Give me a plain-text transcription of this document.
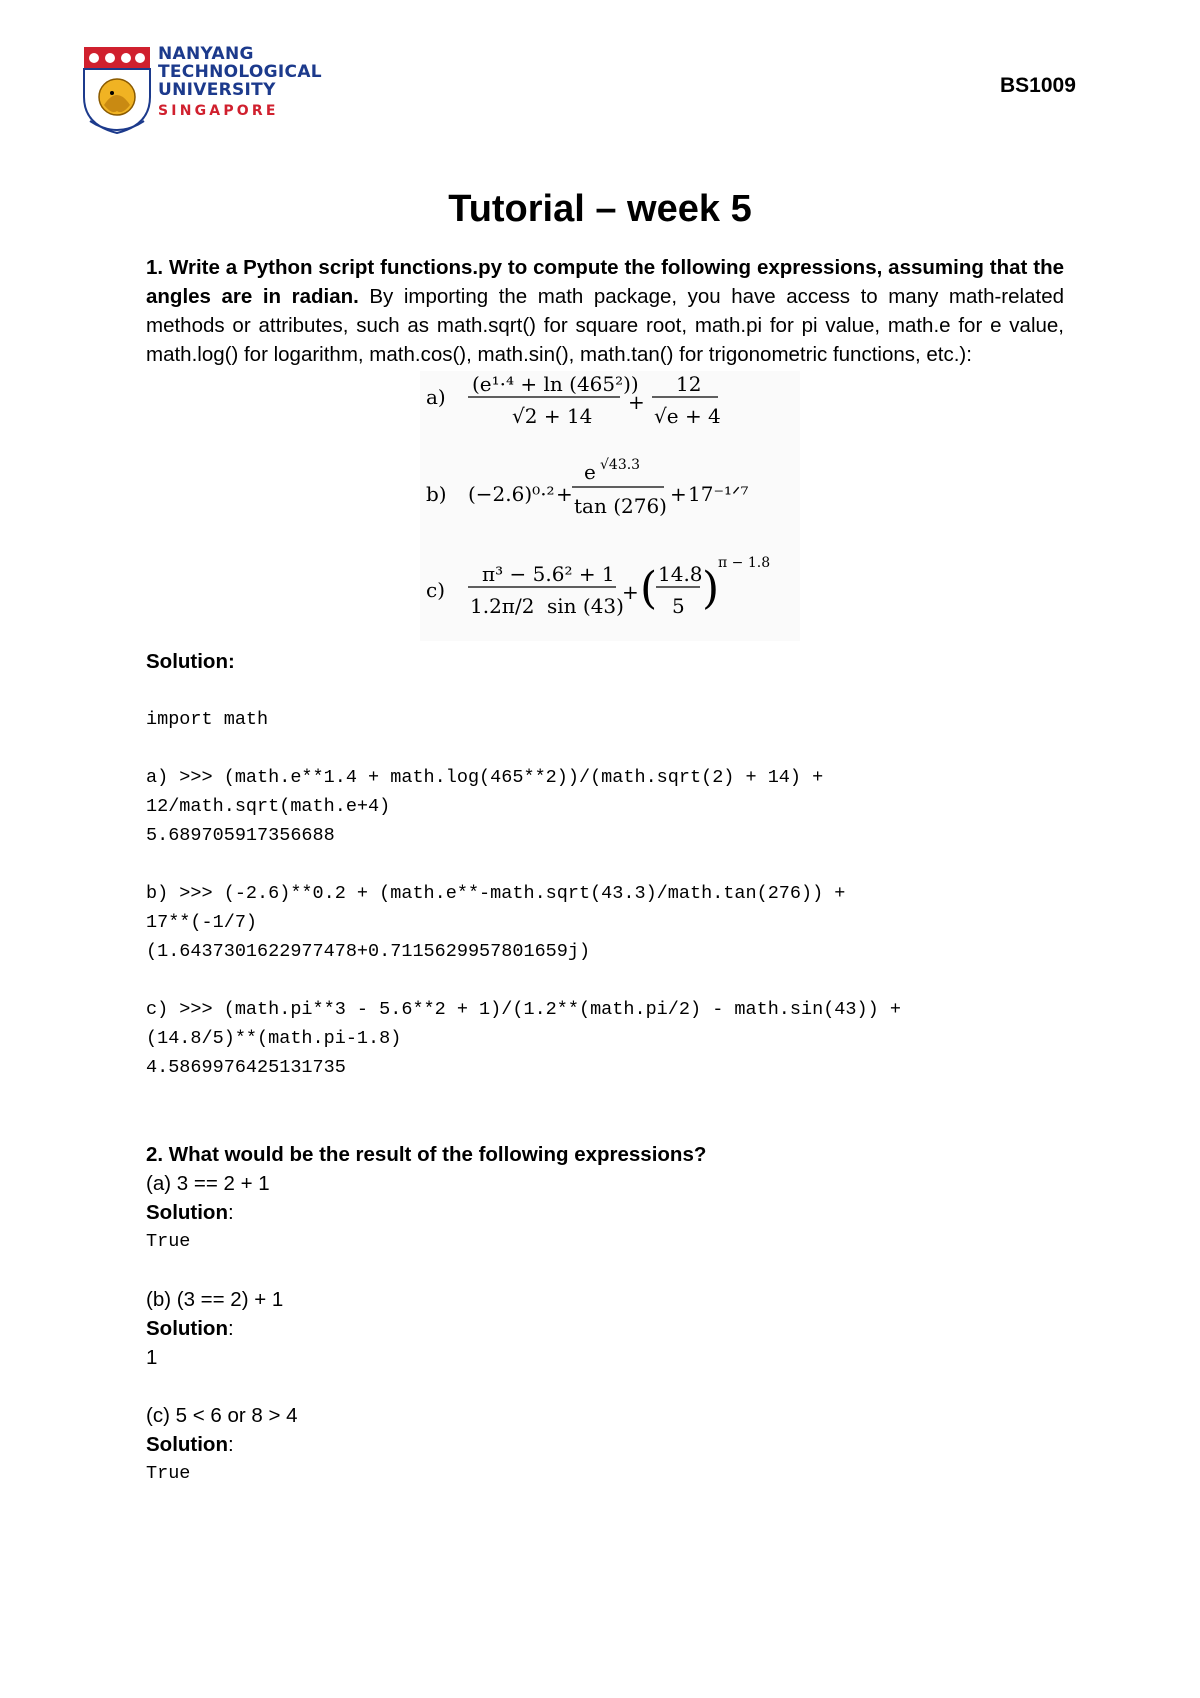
NANYANG
TECHNOLOGICAL
UNIVERSITY
SINGAPORE
BS1009
Tutorial – week 5
1. Write a Python script functions.py to compute the following expressions, assuming that the angles are in radian. By importing the math package, you have access to many math-related methods or attributes, such as math.sqrt() for square root, math.pi for pi value, math.e for e value, math.log() for logarithm, math.cos(), math.sin(), math.tan() for trigonometric functions, etc.):
a)
(e¹·⁴ + ln (465²))
√2 + 14
+
12
√e + 4
b) (−2.6)⁰·² +
e √43.3
tan (276) + 17⁻¹ᐟ⁷
c)
π³ − 5.6² + 1
1.2π/2 sin (43)
+ ( 14.8
5 )
π − 1.8
Solution:

import math
a) >>> (math.e**1.4 + math.log(465**2))/(math.sqrt(2) + 14) +
12/math.sqrt(math.e+4)
5.689705917356688
b) >>> (-2.6)**0.2 + (math.e**-math.sqrt(43.3)/math.tan(276)) +
17**(-1/7)
(1.6437301622977478+0.7115629957801659j)
c) >>> (math.pi**3 - 5.6**2 + 1)/(1.2**(math.pi/2) - math.sin(43)) +
(14.8/5)**(math.pi-1.8)
4.5869976425131735
2. What would be the result of the following expressions?
(a) 3 == 2 + 1
Solution:
True
(b) (3 == 2) + 1
Solution:
1
(c) 5 < 6 or 8 > 4
Solution:
True
